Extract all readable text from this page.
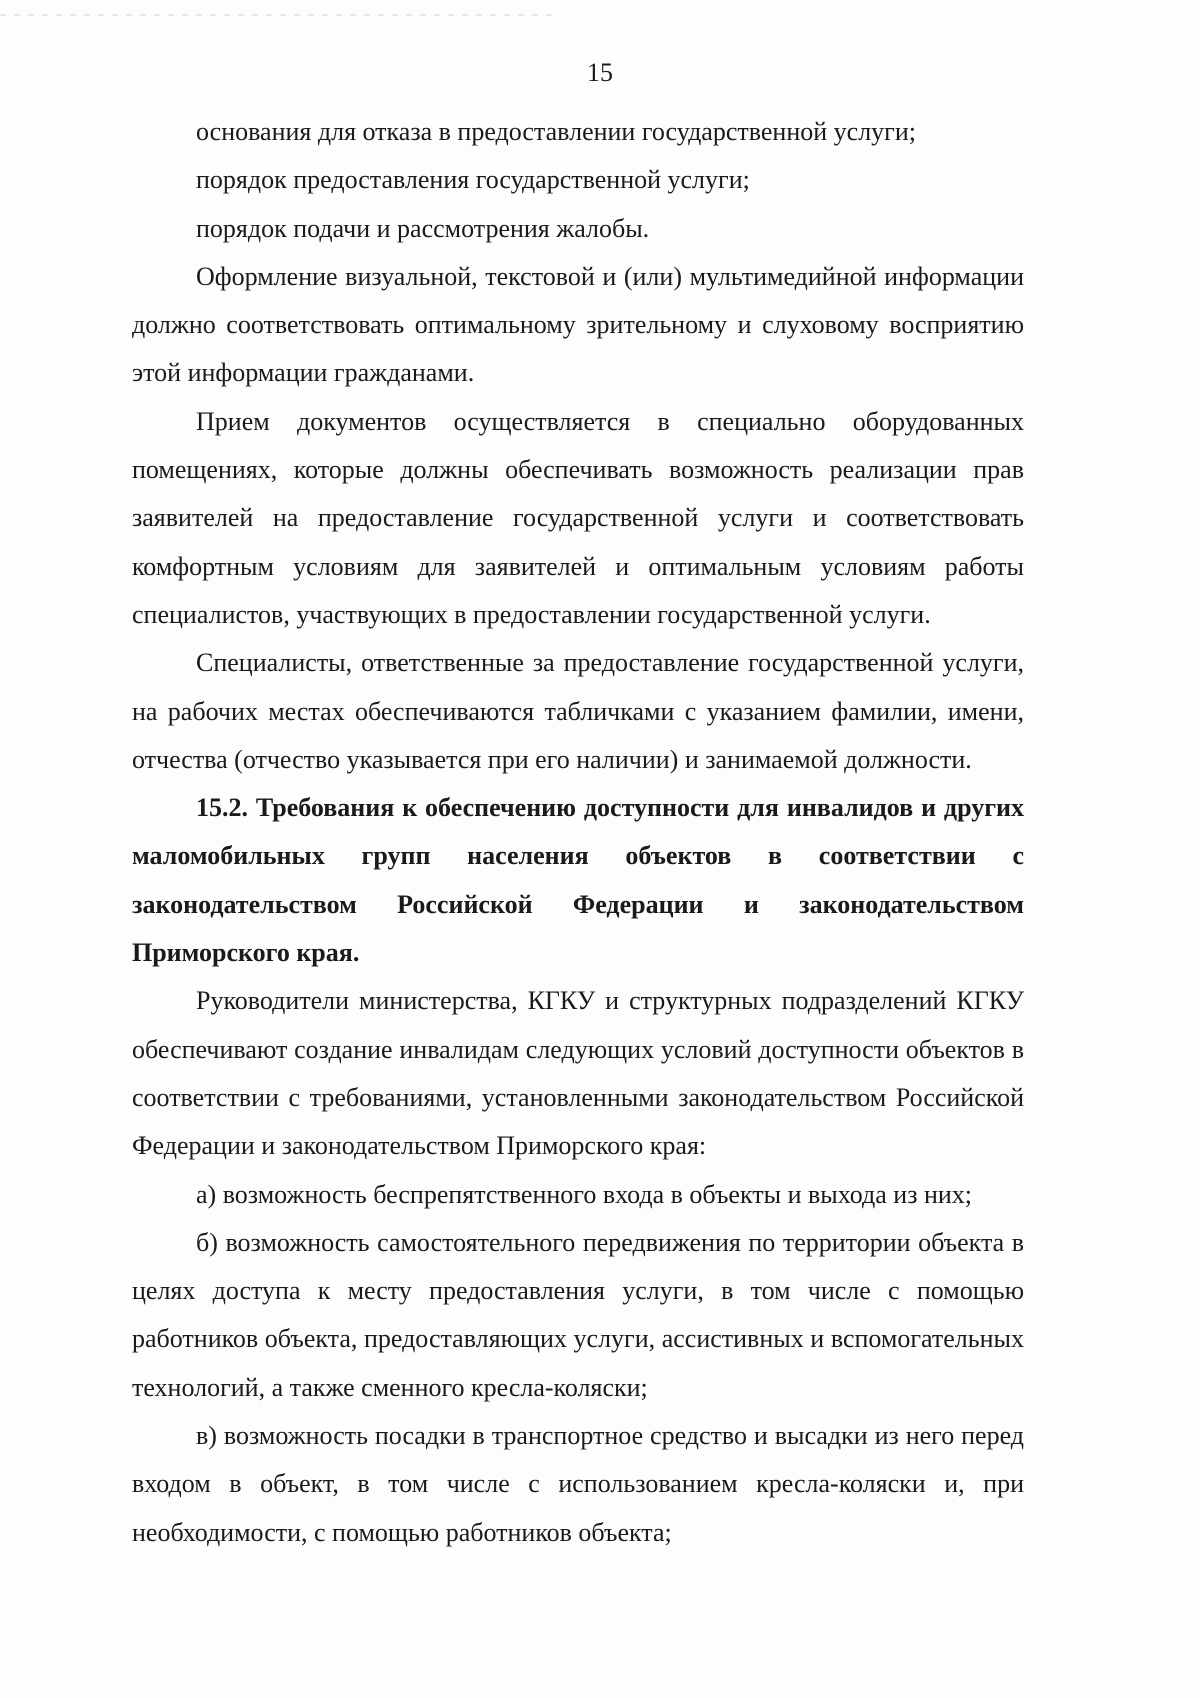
15

основания для отказа в предоставлении государственной услуги;

порядок предоставления государственной услуги;

порядок подачи и рассмотрения жалобы.

Оформление визуальной, текстовой и (или) мультимедийной информации должно соответствовать оптимальному зрительному и слуховому восприятию этой информации гражданами.

Прием документов осуществляется в специально оборудованных помещениях, которые должны обеспечивать возможность реализации прав заявителей на предоставление государственной услуги и соответствовать комфортным условиям для заявителей и оптимальным условиям работы специалистов, участвующих в предоставлении государственной услуги.

Специалисты, ответственные за предоставление государственной услуги, на рабочих местах обеспечиваются табличками с указанием фамилии, имени, отчества (отчество указывается при его наличии) и занимаемой должности.

15.2. Требования к обеспечению доступности для инвалидов и других маломобильных групп населения объектов в соответствии с законодательством Российской Федерации и законодательством Приморского края.

Руководители министерства, КГКУ и структурных подразделений КГКУ обеспечивают создание инвалидам следующих условий доступности объектов в соответствии с требованиями, установленными законодательством Российской Федерации и законодательством Приморского края:

а) возможность беспрепятственного входа в объекты и выхода из них;

б) возможность самостоятельного передвижения по территории объекта в целях доступа к месту предоставления услуги, в том числе с помощью работников объекта, предоставляющих услуги, ассистивных и вспомогательных технологий, а также сменного кресла-коляски;

в) возможность посадки в транспортное средство и высадки из него перед входом в объект, в том числе с использованием кресла-коляски и, при необходимости, с помощью работников объекта;
